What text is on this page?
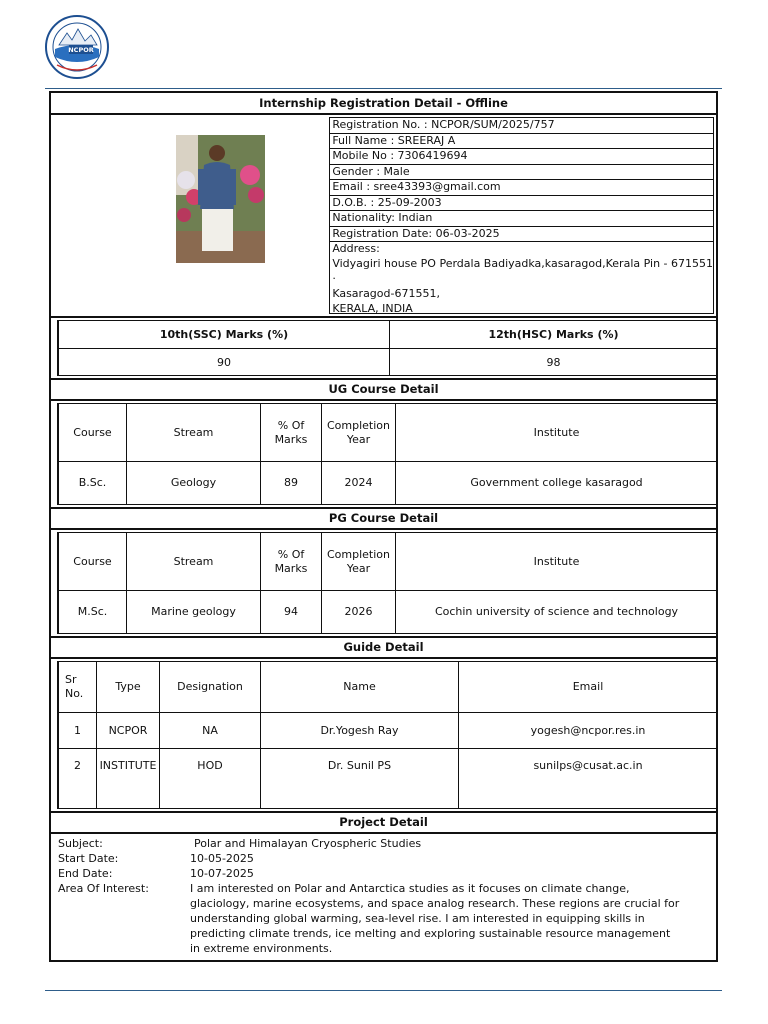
NCPOR
Internship Registration Detail - Offline
Registration No. : NCPOR/SUM/2025/757
Full Name : SREERAJ A
Mobile No : 7306419694
Gender : Male
Email : sree43393@gmail.com
D.O.B. : 25-09-2003
Nationality: Indian
Registration Date: 06-03-2025
Address:
Vidyagiri house PO Perdala Badiyadka,kasaragod,Kerala Pin - 671551
.
Kasaragod-671551,
KERALA, INDIA
10th(SSC) Marks (%)	12th(HSC) Marks (%)
90	98
UG Course Detail
Course	Stream	% Of Marks	Completion Year	Institute
B.Sc.	Geology	89	2024	Government college kasaragod
PG Course Detail
Course	Stream	% Of Marks	Completion Year	Institute
M.Sc.	Marine geology	94	2026	Cochin university of science and technology
Guide Detail
Sr No.	Type	Designation	Name	Email
1	NCPOR	NA	Dr.Yogesh Ray	yogesh@ncpor.res.in
2	INSTITUTE	HOD	Dr. Sunil PS	sunilps@cusat.ac.in
Project Detail
Subject:	Polar and Himalayan Cryospheric Studies
Start Date:	10-05-2025
End Date:	10-07-2025
Area Of Interest:	I am interested on Polar and Antarctica studies as it focuses on climate change, glaciology, marine ecosystems, and space analog research. These regions are crucial for understanding global warming, sea-level rise. I am interested in equipping skills in predicting climate trends, ice melting and exploring sustainable resource management in extreme environments.
